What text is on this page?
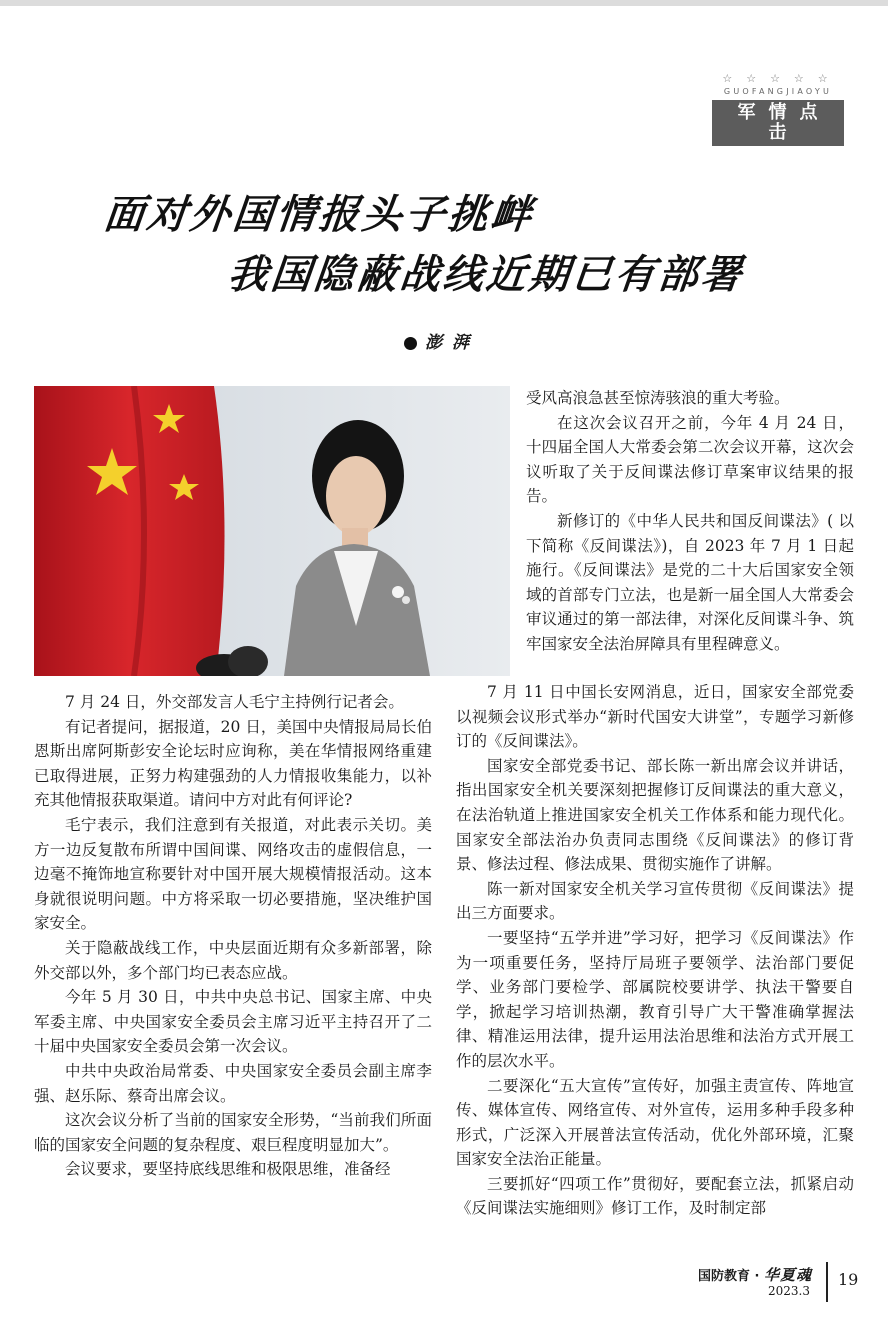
☆☆☆☆☆
GUOFANGJIAOYU
军情点击
面对外国情报头子挑衅
我国隐蔽战线近期已有部署
澎湃

受风高浪急甚至惊涛骇浪的重大考验。

在这次会议召开之前，今年 4 月 24 日，十四届全国人大常委会第二次会议开幕，这次会议听取了关于反间谍法修订草案审议结果的报告。

新修订的《中华人民共和国反间谍法》( 以下简称《反间谍法》)，自 2023 年 7 月 1 日起施行。《反间谍法》是党的二十大后国家安全领域的首部专门立法，也是新一届全国人大常委会审议通过的第一部法律，对深化反间谍斗争、筑牢国家安全法治屏障具有里程碑意义。

7 月 24 日，外交部发言人毛宁主持例行记者会。

有记者提问，据报道，20 日，美国中央情报局局长伯恩斯出席阿斯彭安全论坛时应询称，美在华情报网络重建已取得进展，正努力构建强劲的人力情报收集能力，以补充其他情报获取渠道。请问中方对此有何评论?

毛宁表示，我们注意到有关报道，对此表示关切。美方一边反复散布所谓中国间谍、网络攻击的虚假信息，一边毫不掩饰地宣称要针对中国开展大规模情报活动。这本身就很说明问题。中方将采取一切必要措施，坚决维护国家安全。

关于隐蔽战线工作，中央层面近期有众多新部署，除外交部以外，多个部门均已表态应战。

今年 5 月 30 日，中共中央总书记、国家主席、中央军委主席、中央国家安全委员会主席习近平主持召开了二十届中央国家安全委员会第一次会议。

中共中央政治局常委、中央国家安全委员会副主席李强、赵乐际、蔡奇出席会议。

这次会议分析了当前的国家安全形势，“当前我们所面临的国家安全问题的复杂程度、艰巨程度明显加大”。

会议要求，要坚持底线思维和极限思维，准备经

7 月 11 日中国长安网消息，近日，国家安全部党委以视频会议形式举办“新时代国安大讲堂”，专题学习新修订的《反间谍法》。

国家安全部党委书记、部长陈一新出席会议并讲话，指出国家安全机关要深刻把握修订反间谍法的重大意义，在法治轨道上推进国家安全机关工作体系和能力现代化。国家安全部法治办负责同志围绕《反间谍法》的修订背景、修法过程、修法成果、贯彻实施作了讲解。

陈一新对国家安全机关学习宣传贯彻《反间谍法》提出三方面要求。

一要坚持“五学并进”学习好，把学习《反间谍法》作为一项重要任务，坚持厅局班子要领学、法治部门要促学、业务部门要检学、部属院校要讲学、执法干警要自学，掀起学习培训热潮，教育引导广大干警准确掌握法律、精准运用法律，提升运用法治思维和法治方式开展工作的层次水平。

二要深化“五大宣传”宣传好，加强主责宣传、阵地宣传、媒体宣传、网络宣传、对外宣传，运用多种手段多种形式，广泛深入开展普法宣传活动，优化外部环境，汇聚国家安全法治正能量。

三要抓好“四项工作”贯彻好，要配套立法，抓紧启动《反间谍法实施细则》修订工作，及时制定部

国防教育 · 华夏魂
2023.3
19
